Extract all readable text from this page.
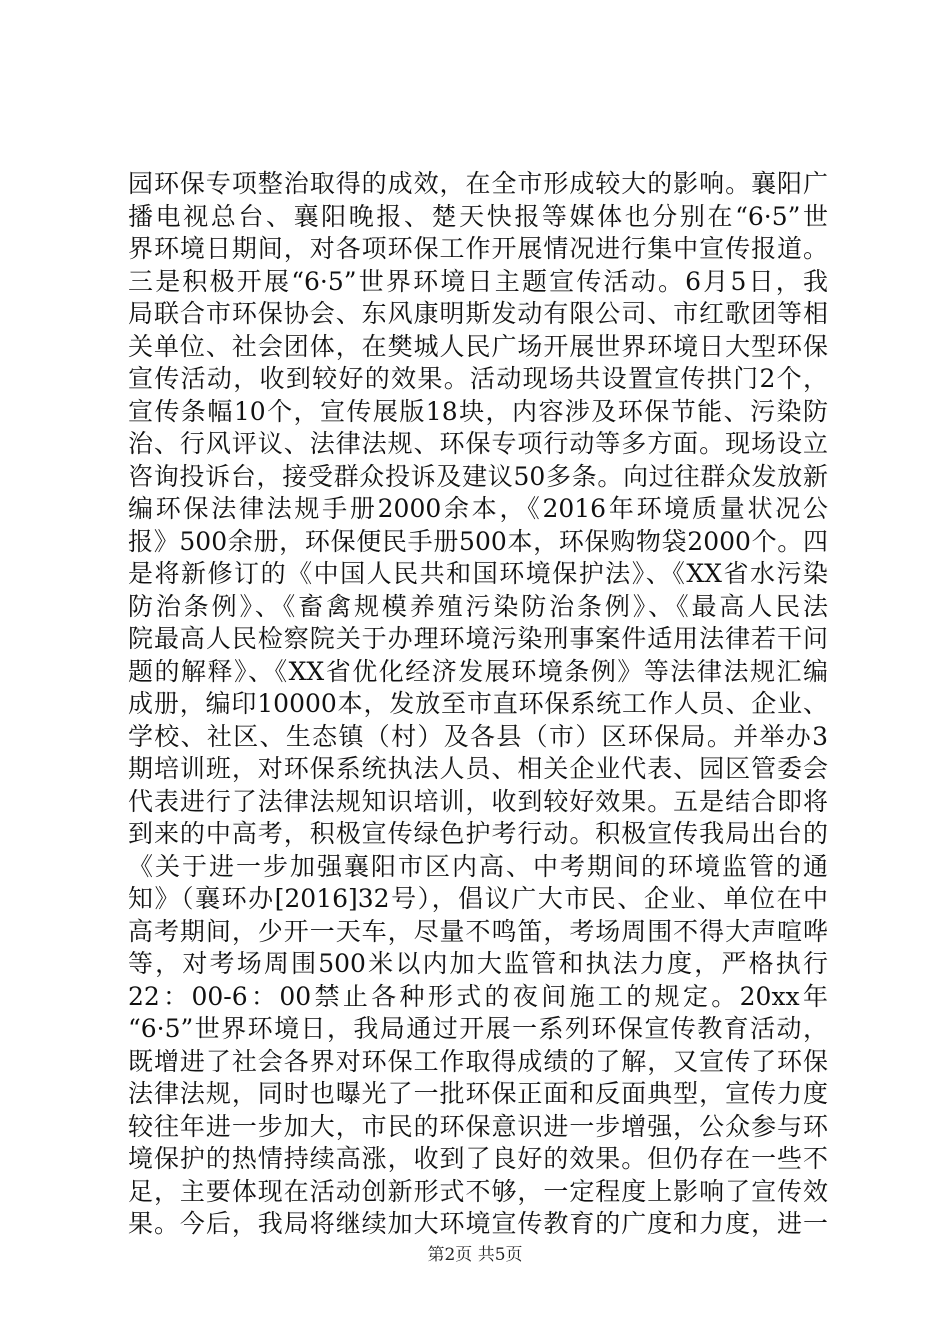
园环保专项整治取得的成效，在全市形成较大的影响。襄阳广
播电视总台、襄阳晚报、楚天快报等媒体也分别在“6·5”世
界环境日期间，对各项环保工作开展情况进行集中宣传报道。
三是积极开展“6·5”世界环境日主题宣传活动。6月5日，我
局联合市环保协会、东风康明斯发动有限公司、市红歌团等相
关单位、社会团体，在樊城人民广场开展世界环境日大型环保
宣传活动，收到较好的效果。活动现场共设置宣传拱门2个，
宣传条幅10个，宣传展版18块，内容涉及环保节能、污染防
治、行风评议、法律法规、环保专项行动等多方面。现场设立
咨询投诉台，接受群众投诉及建议50多条。向过往群众发放新
编环保法律法规手册2000余本，《2016年环境质量状况公
报》500余册，环保便民手册500本，环保购物袋2000个。四
是将新修订的《中国人民共和国环境保护法》、《XX省水污染
防治条例》、《畜禽规模养殖污染防治条例》、《最高人民法
院最高人民检察院关于办理环境污染刑事案件适用法律若干问
题的解释》、《XX省优化经济发展环境条例》等法律法规汇编
成册，编印10000本，发放至市直环保系统工作人员、企业、
学校、社区、生态镇（村）及各县（市）区环保局。并举办3
期培训班，对环保系统执法人员、相关企业代表、园区管委会
代表进行了法律法规知识培训，收到较好效果。五是结合即将
到来的中高考，积极宣传绿色护考行动。积极宣传我局出台的
《关于进一步加强襄阳市区内高、中考期间的环境监管的通
知》（襄环办[2016]32号），倡议广大市民、企业、单位在中
高考期间，少开一天车，尽量不鸣笛，考场周围不得大声喧哗
等，对考场周围500米以内加大监管和执法力度，严格执行
22：00-6：00禁止各种形式的夜间施工的规定。20xx年
“6·5”世界环境日，我局通过开展一系列环保宣传教育活动，
既增进了社会各界对环保工作取得成绩的了解，又宣传了环保
法律法规，同时也曝光了一批环保正面和反面典型，宣传力度
较往年进一步加大，市民的环保意识进一步增强，公众参与环
境保护的热情持续高涨，收到了良好的效果。但仍存在一些不
足，主要体现在活动创新形式不够，一定程度上影响了宣传效
果。今后，我局将继续加大环境宣传教育的广度和力度，进一
第2页 共5页
